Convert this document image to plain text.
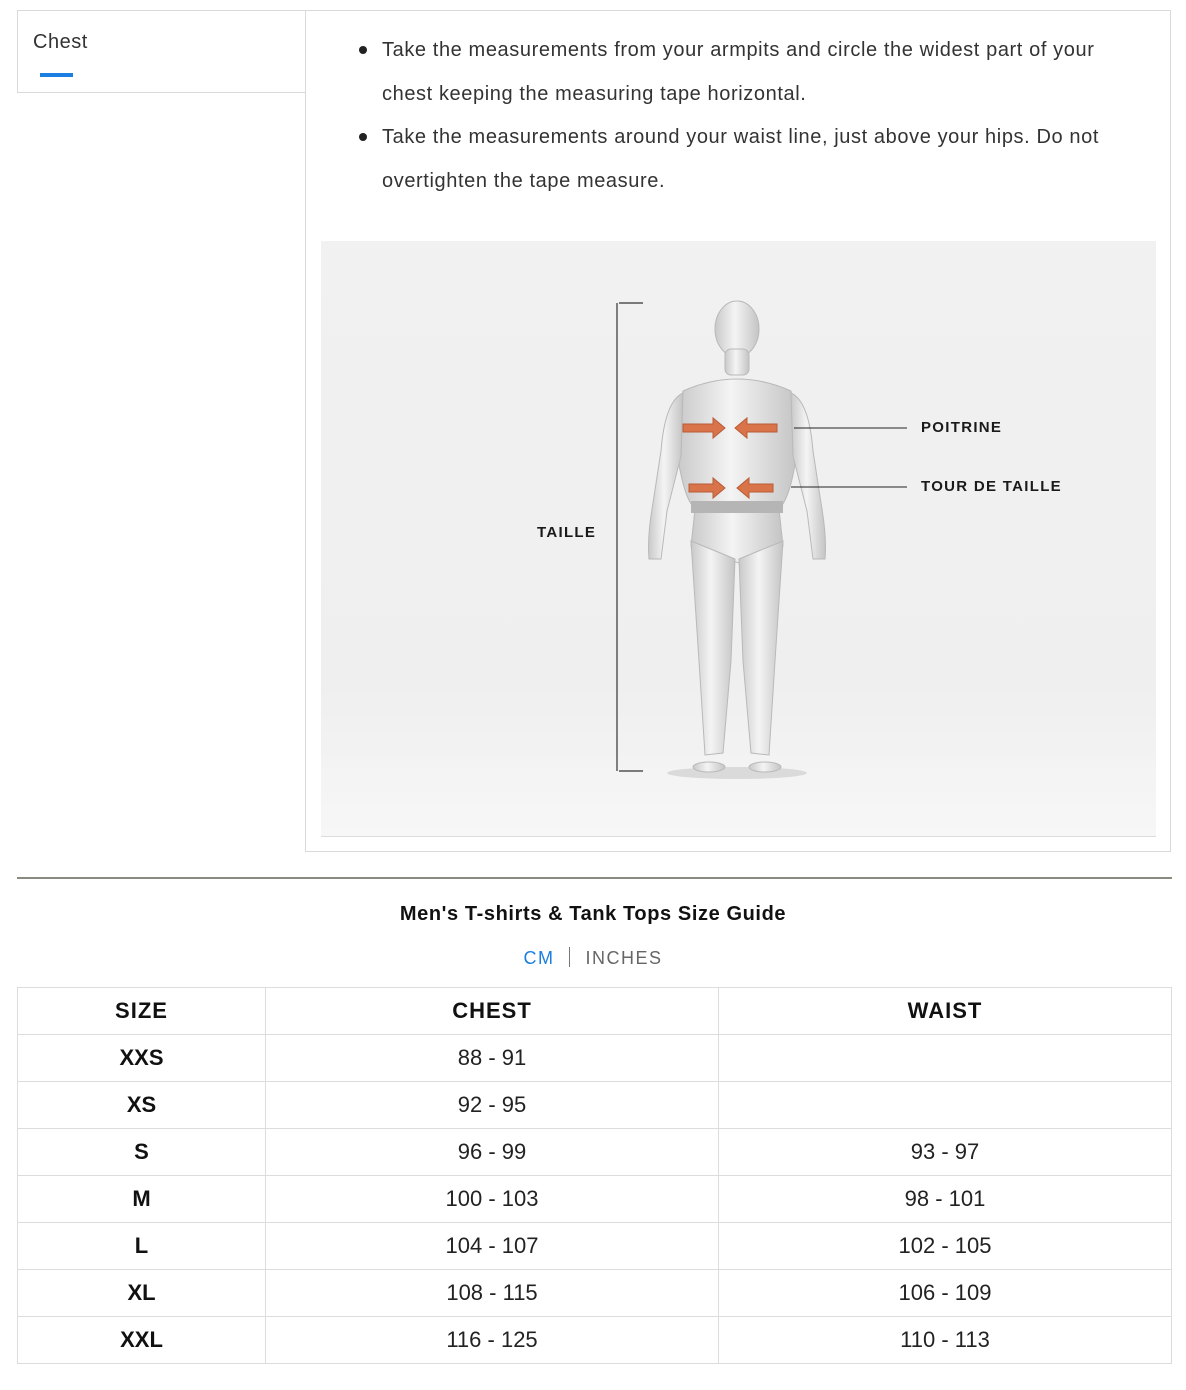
Chest	Take the measurements from your armpits and circle the widest part of your chest keeping the measuring tape horizontal.
Take the measurements around your waist line, just above your hips. Do not overtighten the tape measure.
TAILLE
POITRINE
TOUR DE TAILLE
Men's T-shirts & Tank Tops Size Guide
CM INCHES
SIZE	CHEST	WAIST
XXS	88 - 91	
XS	92 - 95	
S	96 - 99	93 - 97
M	100 - 103	98 - 101
L	104 - 107	102 - 105
XL	108 - 115	106 - 109
XXL	116 - 125	110 - 113
